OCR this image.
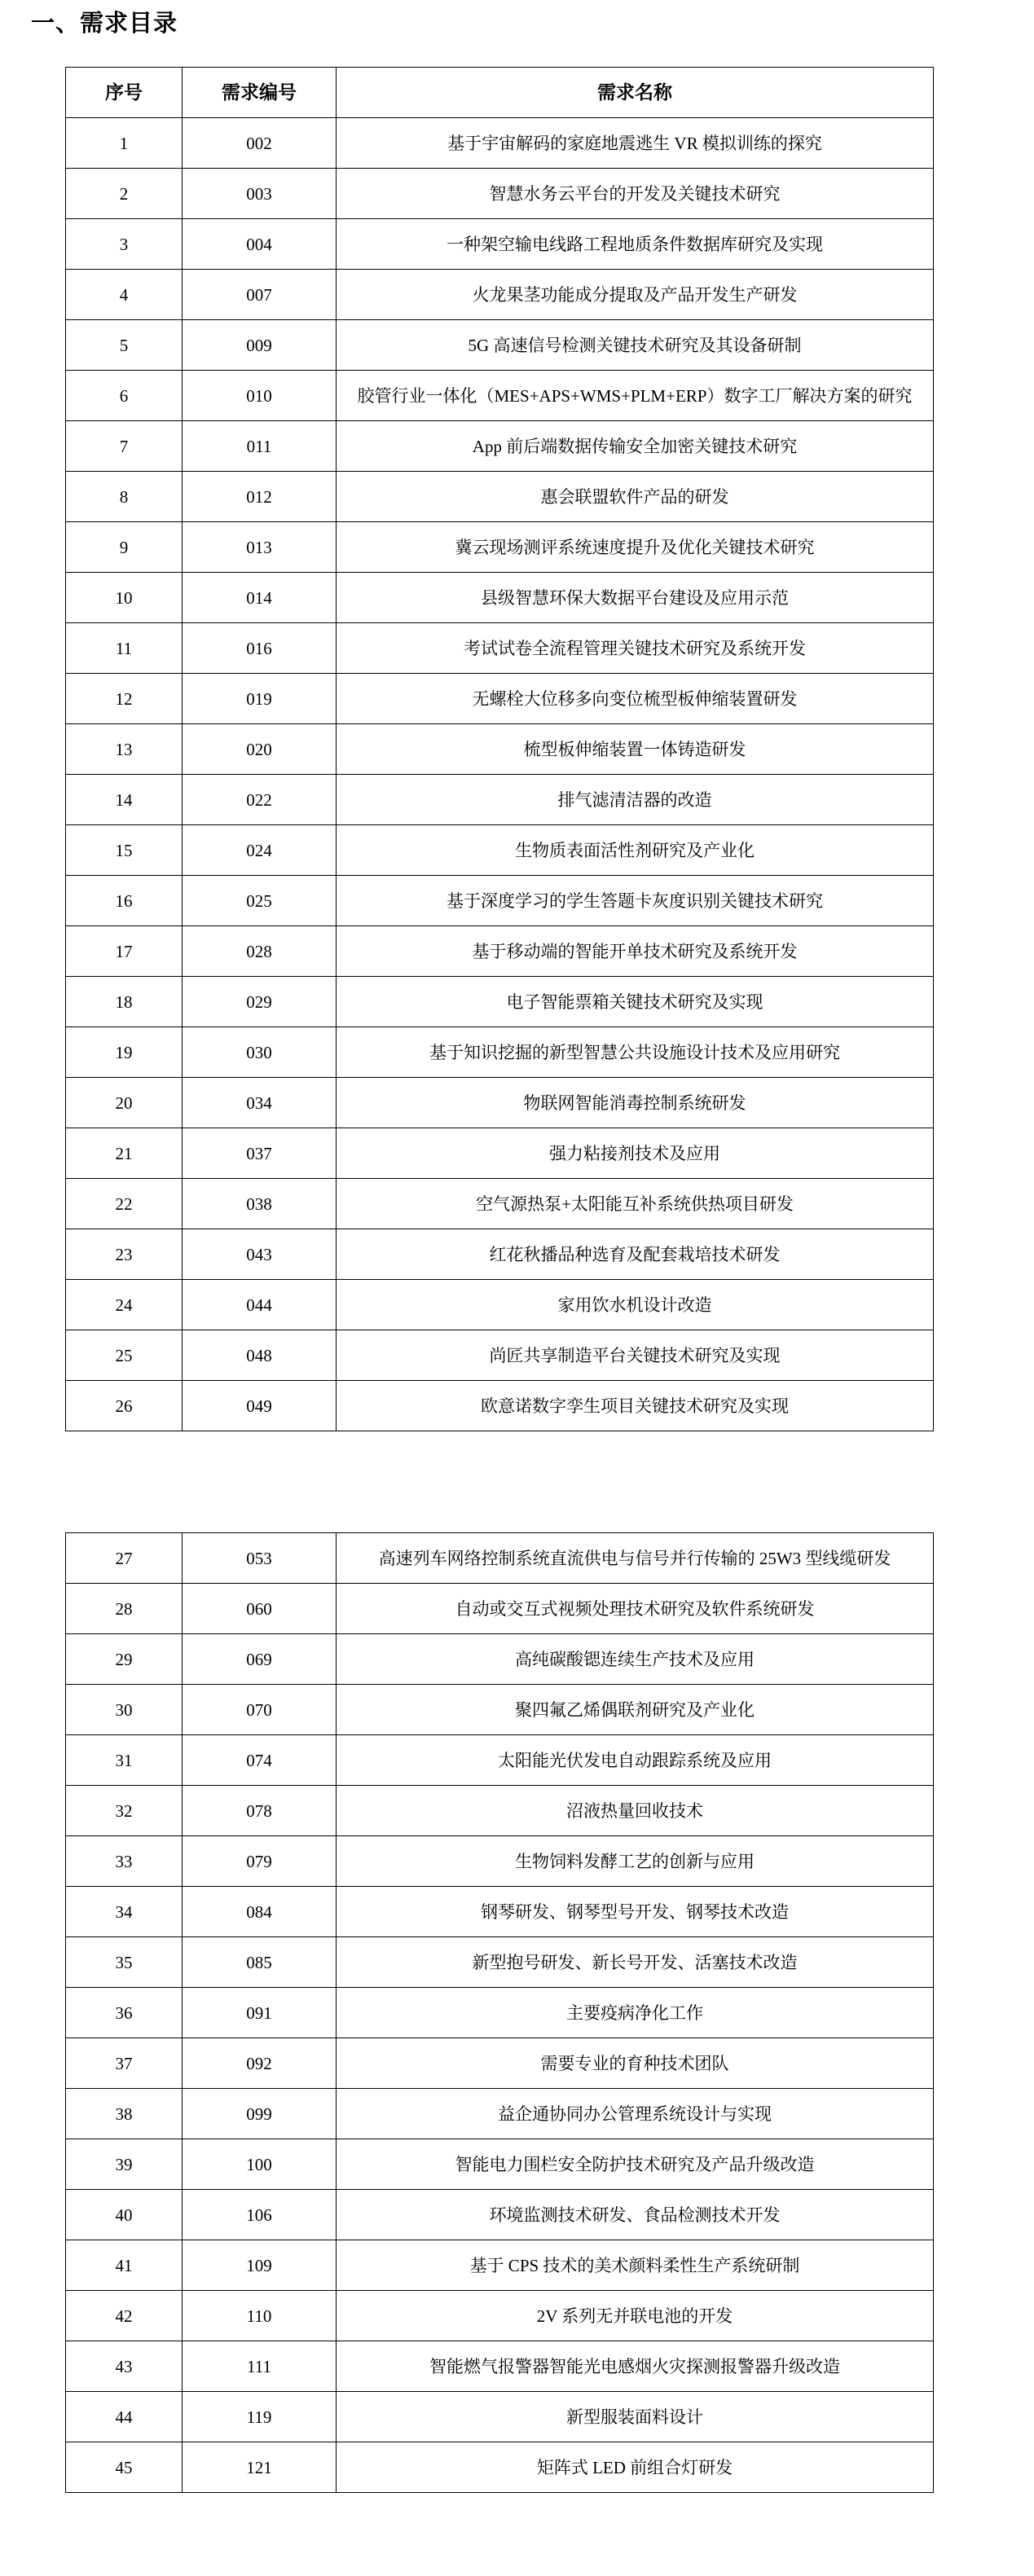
一、需求目录
序号	需求编号	需求名称
1	002	基于宇宙解码的家庭地震逃生 VR 模拟训练的探究
2	003	智慧水务云平台的开发及关键技术研究
3	004	一种架空输电线路工程地质条件数据库研究及实现
4	007	火龙果茎功能成分提取及产品开发生产研发
5	009	5G 高速信号检测关键技术研究及其设备研制
6	010	胶管行业一体化（MES+APS+WMS+PLM+ERP）数字工厂解决方案的研究
7	011	App 前后端数据传输安全加密关键技术研究
8	012	惠会联盟软件产品的研发
9	013	冀云现场测评系统速度提升及优化关键技术研究
10	014	县级智慧环保大数据平台建设及应用示范
11	016	考试试卷全流程管理关键技术研究及系统开发
12	019	无螺栓大位移多向变位梳型板伸缩装置研发
13	020	梳型板伸缩装置一体铸造研发
14	022	排气滤清洁器的改造
15	024	生物质表面活性剂研究及产业化
16	025	基于深度学习的学生答题卡灰度识别关键技术研究
17	028	基于移动端的智能开单技术研究及系统开发
18	029	电子智能票箱关键技术研究及实现
19	030	基于知识挖掘的新型智慧公共设施设计技术及应用研究
20	034	物联网智能消毒控制系统研发
21	037	强力粘接剂技术及应用
22	038	空气源热泵+太阳能互补系统供热项目研发
23	043	红花秋播品种选育及配套栽培技术研发
24	044	家用饮水机设计改造
25	048	尚匠共享制造平台关键技术研究及实现
26	049	欧意诺数字孪生项目关键技术研究及实现
27	053	高速列车网络控制系统直流供电与信号并行传输的 25W3 型线缆研发
28	060	自动或交互式视频处理技术研究及软件系统研发
29	069	高纯碳酸锶连续生产技术及应用
30	070	聚四氟乙烯偶联剂研究及产业化
31	074	太阳能光伏发电自动跟踪系统及应用
32	078	沼液热量回收技术
33	079	生物饲料发酵工艺的创新与应用
34	084	钢琴研发、钢琴型号开发、钢琴技术改造
35	085	新型抱号研发、新长号开发、活塞技术改造
36	091	主要疫病净化工作
37	092	需要专业的育种技术团队
38	099	益企通协同办公管理系统设计与实现
39	100	智能电力围栏安全防护技术研究及产品升级改造
40	106	环境监测技术研发、食品检测技术开发
41	109	基于 CPS 技术的美术颜料柔性生产系统研制
42	110	2V 系列无并联电池的开发
43	111	智能燃气报警器智能光电感烟火灾探测报警器升级改造
44	119	新型服装面料设计
45	121	矩阵式 LED 前组合灯研发
